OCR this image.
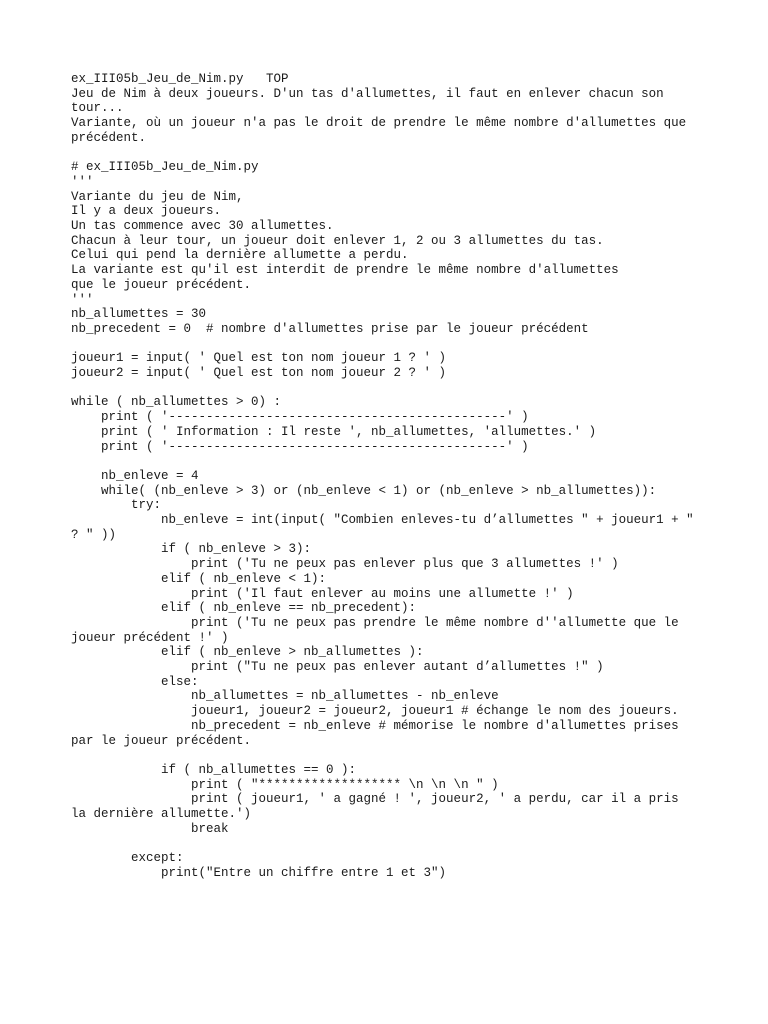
ex_III05b_Jeu_de_Nim.py   TOP
Jeu de Nim à deux joueurs. D'un tas d'allumettes, il faut en enlever chacun son
tour...
Variante, où un joueur n'a pas le droit de prendre le même nombre d'allumettes que
précédent.
# ex_III05b_Jeu_de_Nim.py
'''
Variante du jeu de Nim,
Il y a deux joueurs.
Un tas commence avec 30 allumettes.
Chacun à leur tour, un joueur doit enlever 1, 2 ou 3 allumettes du tas.
Celui qui pend la dernière allumette a perdu.
La variante est qu'il est interdit de prendre le même nombre d'allumettes
que le joueur précédent.
'''
nb_allumettes = 30
nb_precedent = 0  # nombre d'allumettes prise par le joueur précédent
joueur1 = input( ' Quel est ton nom joueur 1 ? ' )
joueur2 = input( ' Quel est ton nom joueur 2 ? ' )
while ( nb_allumettes > 0) :
print ( '---------------------------------------------' )
print ( ' Information : Il reste ', nb_allumettes, 'allumettes.' )
print ( '---------------------------------------------' )
nb_enleve = 4
while( (nb_enleve > 3) or (nb_enleve < 1) or (nb_enleve > nb_allumettes)):
try:
nb_enleve = int(input( "Combien enleves-tu d’allumettes " + joueur1 + "
? " ))
if ( nb_enleve > 3):
print ('Tu ne peux pas enlever plus que 3 allumettes !' )
elif ( nb_enleve < 1):
print ('Il faut enlever au moins une allumette !' )
elif ( nb_enleve == nb_precedent):
print ('Tu ne peux pas prendre le même nombre d''allumette que le
joueur précédent !' )
elif ( nb_enleve > nb_allumettes ):
print ("Tu ne peux pas enlever autant d’allumettes !" )
else:
nb_allumettes = nb_allumettes - nb_enleve
joueur1, joueur2 = joueur2, joueur1 # échange le nom des joueurs.
nb_precedent = nb_enleve # mémorise le nombre d'allumettes prises
par le joueur précédent.
if ( nb_allumettes == 0 ):
print ( "******************* \n \n \n " )
print ( joueur1, ' a gagné ! ', joueur2, ' a perdu, car il a pris
la dernière allumette.')
break
except:
print("Entre un chiffre entre 1 et 3")
